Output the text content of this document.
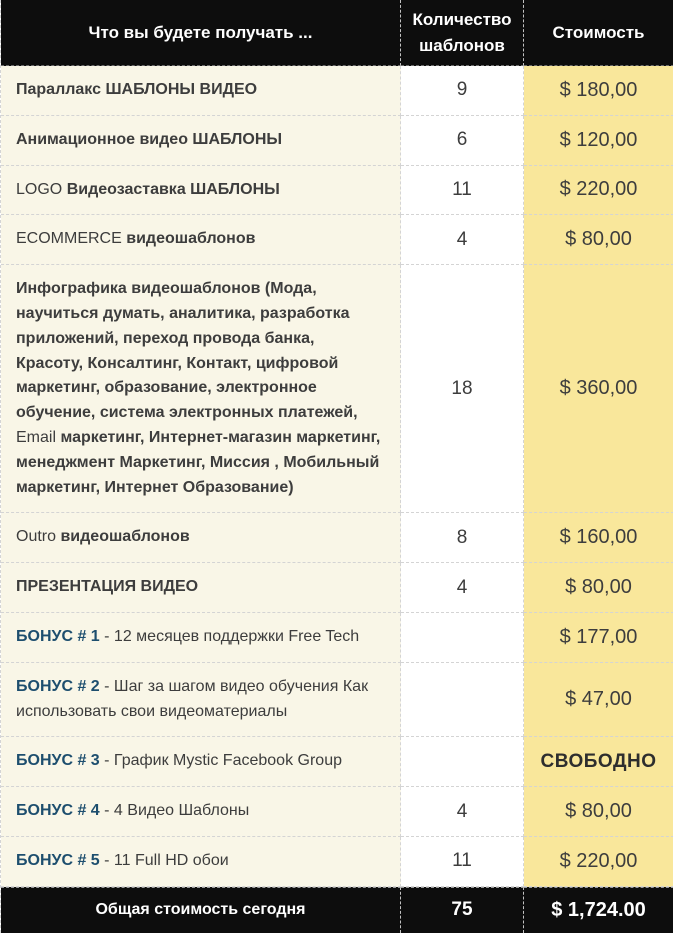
Что вы будете получать ...	Количество шаблонов	Стоимость
Параллакс ШАБЛОНЫ ВИДЕО	9	$ 180,00
Анимационное видео ШАБЛОНЫ	6	$ 120,00
LOGO Видеозаставка ШАБЛОНЫ	11	$ 220,00
ECOMMERCE видеошаблонов	4	$ 80,00
Инфографика видеошаблонов (Мода, научиться думать, аналитика, разработка приложений, переход провода банка, Красоту, Консалтинг, Контакт, цифровой маркетинг, образование, электронное обучение, система электронных платежей, Email маркетинг, Интернет-магазин маркетинг, менеджмент Маркетинг, Миссия , Мобильный маркетинг, Интернет Образование)	18	$ 360,00
Outro видеошаблонов	8	$ 160,00
ПРЕЗЕНТАЦИЯ ВИДЕО	4	$ 80,00
БОНУС # 1 - 12 месяцев поддержки Free Tech		$ 177,00
БОНУС # 2 - Шаг за шагом видео обучения Как использовать свои видеоматериалы		$ 47,00
БОНУС # 3 - График Mystic Facebook Group		СВОБОДНО
БОНУС # 4 - 4 Видео Шаблоны	4	$ 80,00
БОНУС # 5 - 11 Full HD обои	11	$ 220,00
Общая стоимость сегодня	75	$ 1,724.00
